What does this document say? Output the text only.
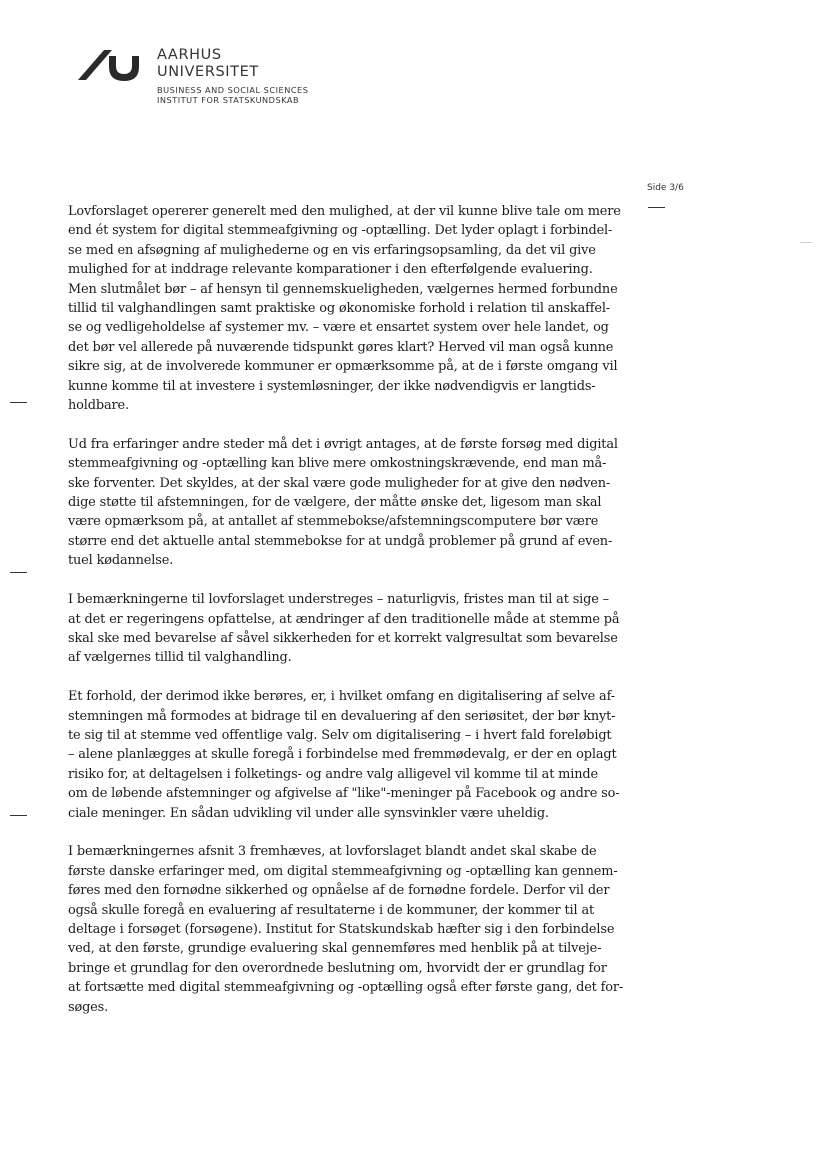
AARHUS
UNIVERSITET
BUSINESS AND SOCIAL SCIENCES
INSTITUT FOR STATSKUNDSKAB
Side 3/6

Lovforslaget opererer generelt med den mulighed, at der vil kunne blive tale om mere
end ét system for digital stemmeafgivning og -optælling. Det lyder oplagt i forbindel-
se med en afsøgning af mulighederne og en vis erfaringsopsamling, da det vil give
mulighed for at inddrage relevante komparationer i den efterfølgende evaluering.
Men slutmålet bør – af hensyn til gennemskueligheden, vælgernes hermed forbundne
tillid til valghandlingen samt praktiske og økonomiske forhold i relation til anskaffel-
se og vedligeholdelse af systemer mv. – være et ensartet system over hele landet, og
det bør vel allerede på nuværende tidspunkt gøres klart? Herved vil man også kunne
sikre sig, at de involverede kommuner er opmærksomme på, at de i første omgang vil
kunne komme til at investere i systemløsninger, der ikke nødvendigvis er langtids-
holdbare.

Ud fra erfaringer andre steder må det i øvrigt antages, at de første forsøg med digital
stemmeafgivning og -optælling kan blive mere omkostningskrævende, end man må-
ske forventer. Det skyldes, at der skal være gode muligheder for at give den nødven-
dige støtte til afstemningen, for de vælgere, der måtte ønske det, ligesom man skal
være opmærksom på, at antallet af stemmebokse/afstemningscomputere bør være
større end det aktuelle antal stemmebokse for at undgå problemer på grund af even-
tuel kødannelse.

I bemærkningerne til lovforslaget understreges – naturligvis, fristes man til at sige –
at det er regeringens opfattelse, at ændringer af den traditionelle måde at stemme på
skal ske med bevarelse af såvel sikkerheden for et korrekt valgresultat som bevarelse
af vælgernes tillid til valghandling.

Et forhold, der derimod ikke berøres, er, i hvilket omfang en digitalisering af selve af-
stemningen må formodes at bidrage til en devaluering af den seriøsitet, der bør knyt-
te sig til at stemme ved offentlige valg. Selv om digitalisering – i hvert fald foreløbigt
– alene planlægges at skulle foregå i forbindelse med fremmødevalg, er der en oplagt
risiko for, at deltagelsen i folketings- og andre valg alligevel vil komme til at minde
om de løbende afstemninger og afgivelse af "like"-meninger på Facebook og andre so-
ciale meninger. En sådan udvikling vil under alle synsvinkler være uheldig.

I bemærkningernes afsnit 3 fremhæves, at lovforslaget blandt andet skal skabe de
første danske erfaringer med, om digital stemmeafgivning og -optælling kan gennem-
føres med den fornødne sikkerhed og opnåelse af de fornødne fordele. Derfor vil der
også skulle foregå en evaluering af resultaterne i de kommuner, der kommer til at
deltage i forsøget (forsøgene). Institut for Statskundskab hæfter sig i den forbindelse
ved, at den første, grundige evaluering skal gennemføres med henblik på at tilveje-
bringe et grundlag for den overordnede beslutning om, hvorvidt der er grundlag for
at fortsætte med digital stemmeafgivning og -optælling også efter første gang, det for-
søges.
